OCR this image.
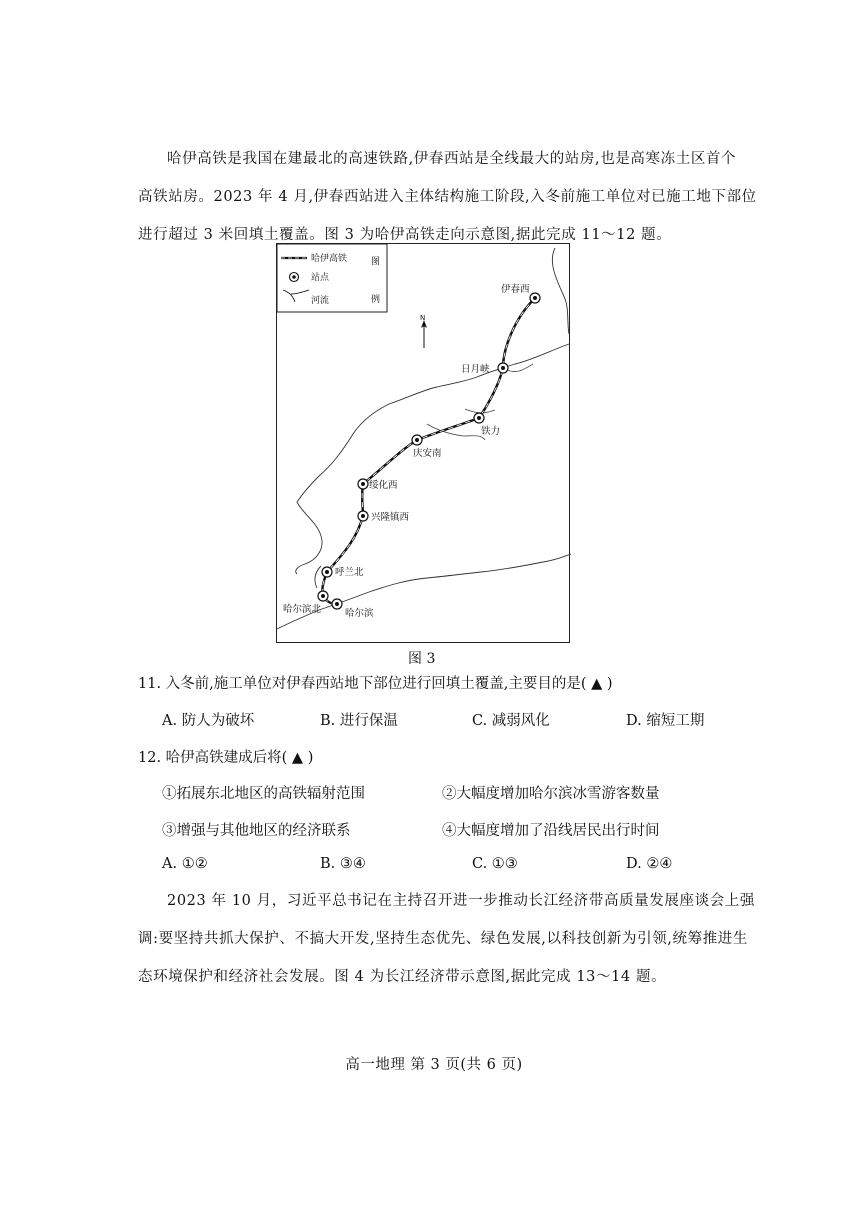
哈伊高铁是我国在建最北的高速铁路,伊春西站是全线最大的站房,也是高寒冻土区首个
高铁站房。2023 年 4 月,伊春西站进入主体结构施工阶段,入冬前施工单位对已施工地下部位
进行超过 3 米回填土覆盖。图 3 为哈伊高铁走向示意图,据此完成 11～12 题。
哈伊高铁
站点
河流
图
例
N
伊春西
日月峡
铁力
庆安南
绥化西
兴隆镇西
呼兰北
哈尔滨北	哈尔滨
图 3
11. 入冬前,施工单位对伊春西站地下部位进行回填土覆盖,主要目的是( ▲ )
A. 防人为破坏	B. 进行保温	C. 减弱风化	D. 缩短工期
12. 哈伊高铁建成后将( ▲ )
①拓展东北地区的高铁辐射范围	②大幅度增加哈尔滨冰雪游客数量
③增强与其他地区的经济联系	④大幅度增加了沿线居民出行时间
A. ①②	B. ③④	C. ①③	D. ②④
2023 年 10 月，习近平总书记在主持召开进一步推动长江经济带高质量发展座谈会上强
调:要坚持共抓大保护、不搞大开发,坚持生态优先、绿色发展,以科技创新为引领,统筹推进生
态环境保护和经济社会发展。图 4 为长江经济带示意图,据此完成 13～14 题。
高一地理 第 3 页(共 6 页)
